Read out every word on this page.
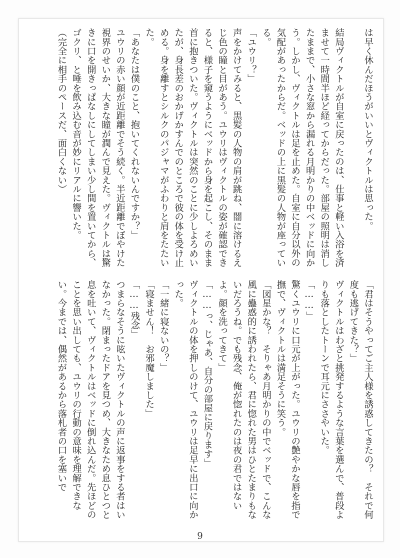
は早く休んだほうがいいとヴィクトルは思った。

結局ヴィクトルが自室に戻ったのは、仕事と軽い入浴を済ませて一時間半ほど経ってからだった。部屋の照明は消したままで、小さな窓から漏れる月明かりの中ベッドに向かう。しかし、ヴィクトルは足を止めた。自室に自分以外の気配があったからだ。ベッドの上に黒髪の人物が座っている。

「ユウリ？」

声をかけてみると、黒髪の人物の肩が跳ね、闇に溶けるえじ色の瞳と目があう。ユウリはヴィクトルの姿が確認できると、様子を窺うようにベッドから身を起こし、そのまま首に抱きついた。ヴィクトルは突然のことに少しよろめいたが、身長差のおかげかすんでのところで彼の体を受け止める。身を離すとシルクのパジャマがふわりと肩をたたいた。

「あなたは僕のこと、抱いてくれないんですか？」

ユウリの赤い顔が近距離でそう続く。半近距離でぼやけた視界のせいか、大きな瞳が潤んで見えた。ヴィクトルは驚きに口を開きっぱなしにしてしまい少し間を置いてから、ゴクリ、と唾を飲み込む音が妙にリアルに響いた。

（完全に相手のペースだ、面白くない）

「君はそうやってご主人様を誘惑してきたの？　それで何度も逃げてきた？」

ヴィクトルはわざと挑発するような言葉を選んで、普段よりも落としたトーンで耳元にささやいた。

「……」

驚くユウリに口元が上がった。ユウリの艶やかな唇を指で撫で、ヴィクトルは満足そうに笑う。

「図星かな？　そりゃあ月明かりの中でベッドで、こんな風に蠱惑的に誘われたら、君に惚れた男はひとたまりもないだろうね。でも残念、俺が惚れたのは夜の君ではないよ。顔を洗ってきて」

「……っ、じゃあ、自分の部屋に戻ります」

ヴィクトルの体を押しのけて、ユウリは足早に出口に向かった。

「一緒に寝ないの？」

「寝ません！　お邪魔しました」

「……残念」

つまらなそうに呟いたヴィクトルの声に返事をする者はいなかった。閉まったドアを見つめ、大きなため息ひとつと息を吐いて、ヴィクトルはベッドに倒れ込んだ。先ほどのことを思い出しても、ユウリの行動の意味を理解できない。今までは、偶然があるから落札者の口を塞いで

9
